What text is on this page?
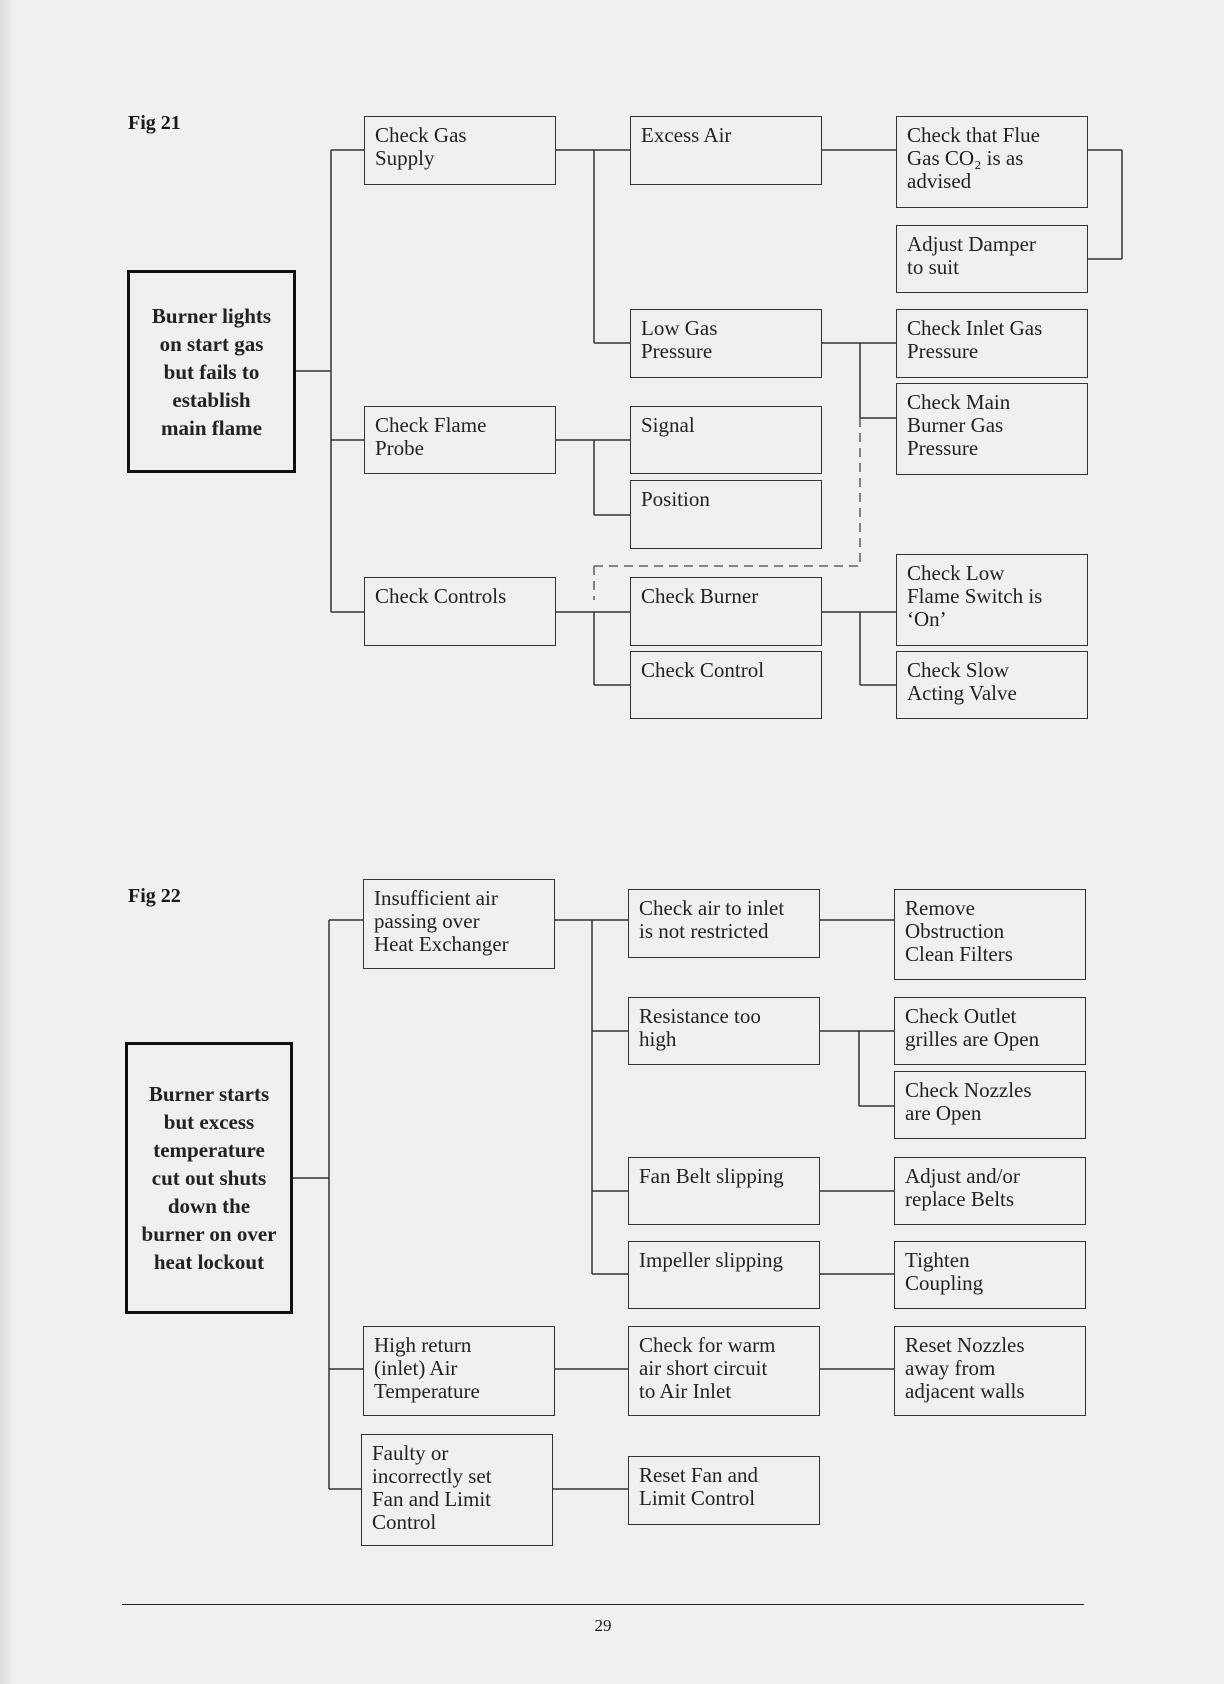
Fig 21
Burner lights
on start gas
but fails to
establish
main flame
Check Gas
Supply
Check Flame
Probe
Check Controls
Excess Air
Low Gas
Pressure
Signal
Position
Check Burner
Check Control
Check that Flue
Gas CO₂ is as
advised
Adjust Damper
to suit
Check Inlet Gas
Pressure
Check Main
Burner Gas
Pressure
Check Low
Flame Switch is
‘On’
Check Slow
Acting Valve
Fig 22
Burner starts
but excess
temperature
cut out shuts
down the
burner on over
heat lockout
Insufficient air
passing over
Heat Exchanger
High return
(inlet) Air
Temperature
Faulty or
incorrectly set
Fan and Limit
Control
Check air to inlet
is not restricted
Resistance too
high
Fan Belt slipping
Impeller slipping
Check for warm
air short circuit
to Air Inlet
Reset Fan and
Limit Control
Remove
Obstruction
Clean Filters
Check Outlet
grilles are Open
Check Nozzles
are Open
Adjust and/or
replace Belts
Tighten
Coupling
Reset Nozzles
away from
adjacent walls
29
